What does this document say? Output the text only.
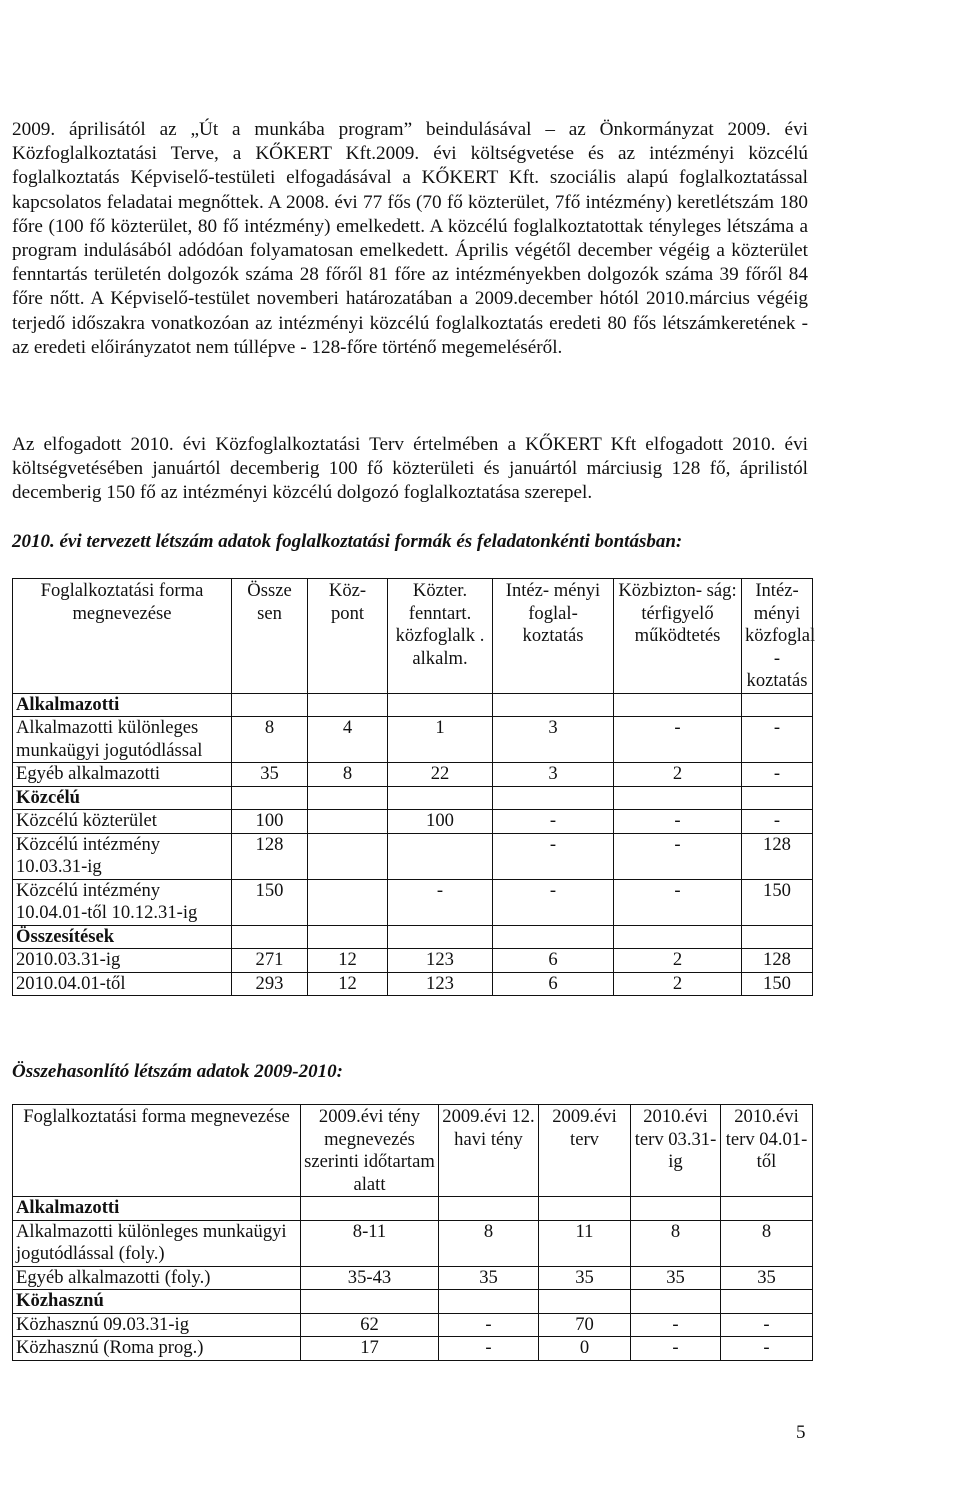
2009. áprilisától az „Út a munkába program” beindulásával – az Önkormányzat 2009. évi Közfoglalkoztatási Terve, a KŐKERT Kft.2009. évi költségvetése és az intézményi közcélú foglalkoztatás Képviselő-testületi elfogadásával a KŐKERT Kft. szociális alapú foglalkoztatással kapcsolatos feladatai megnőttek. A 2008. évi 77 fős (70 fő közterület, 7fő intézmény) keretlétszám 180 főre (100 fő közterület, 80 fő intézmény) emelkedett. A közcélú foglalkoztatottak tényleges létszáma a program indulásából adódóan folyamatosan emelkedett. Április végétől december végéig a közterület fenntartás területén dolgozók száma 28 főről 81 főre az intézményekben dolgozók száma 39 főről 84 főre nőtt. A Képviselő-testület novemberi határozatában a 2009.december hótól 2010.március végéig terjedő időszakra vonatkozóan az intézményi közcélú foglalkoztatás eredeti 80 fős létszámkeretének - az eredeti előirányzatot nem túllépve - 128-főre történő megemeléséről.

Az elfogadott 2010. évi Közfoglalkoztatási Terv értelmében a KŐKERT Kft elfogadott 2010. évi költségvetésében januártól decemberig 100 fő közterületi és januártól márciusig 128 fő, áprilistól decemberig 150 fő az intézményi közcélú dolgozó foglalkoztatása szerepel.

2010. évi tervezett létszám adatok foglalkoztatási formák és feladatonkénti bontásban:

Foglalkoztatási forma megnevezése	Össze sen	Köz- pont	Közter. fenntart. közfoglalk . alkalm.	Intéz- ményi foglal- koztatás	Közbizton- ság: térfigyelő működtetés	Intéz- ményi közfoglal -koztatás
Alkalmazotti						
Alkalmazotti különleges munkaügyi jogutódlással	8	4	1	3	-	-
Egyéb alkalmazotti	35	8	22	3	2	-
Közcélú						
Közcélú közterület	100		100	-	-	-
Közcélú intézmény 10.03.31-ig	128			-	-	128
Közcélú intézmény 10.04.01-től 10.12.31-ig	150		-	-	-	150
Összesítések						
2010.03.31-ig	271	12	123	6	2	128
2010.04.01-től	293	12	123	6	2	150

Összehasonlító létszám adatok 2009-2010:

Foglalkoztatási forma megnevezése	2009.évi tény megnevezés szerinti időtartam alatt	2009.évi 12. havi tény	2009.évi terv	2010.évi terv 03.31-ig	2010.évi terv 04.01-től
Alkalmazotti					
Alkalmazotti különleges munkaügyi jogutódlással (foly.)	8-11	8	11	8	8
Egyéb alkalmazotti (foly.)	35-43	35	35	35	35
Közhasznú					
Közhasznú 09.03.31-ig	62	-	70	-	-
Közhasznú (Roma prog.)	17	-	0	-	-
5
